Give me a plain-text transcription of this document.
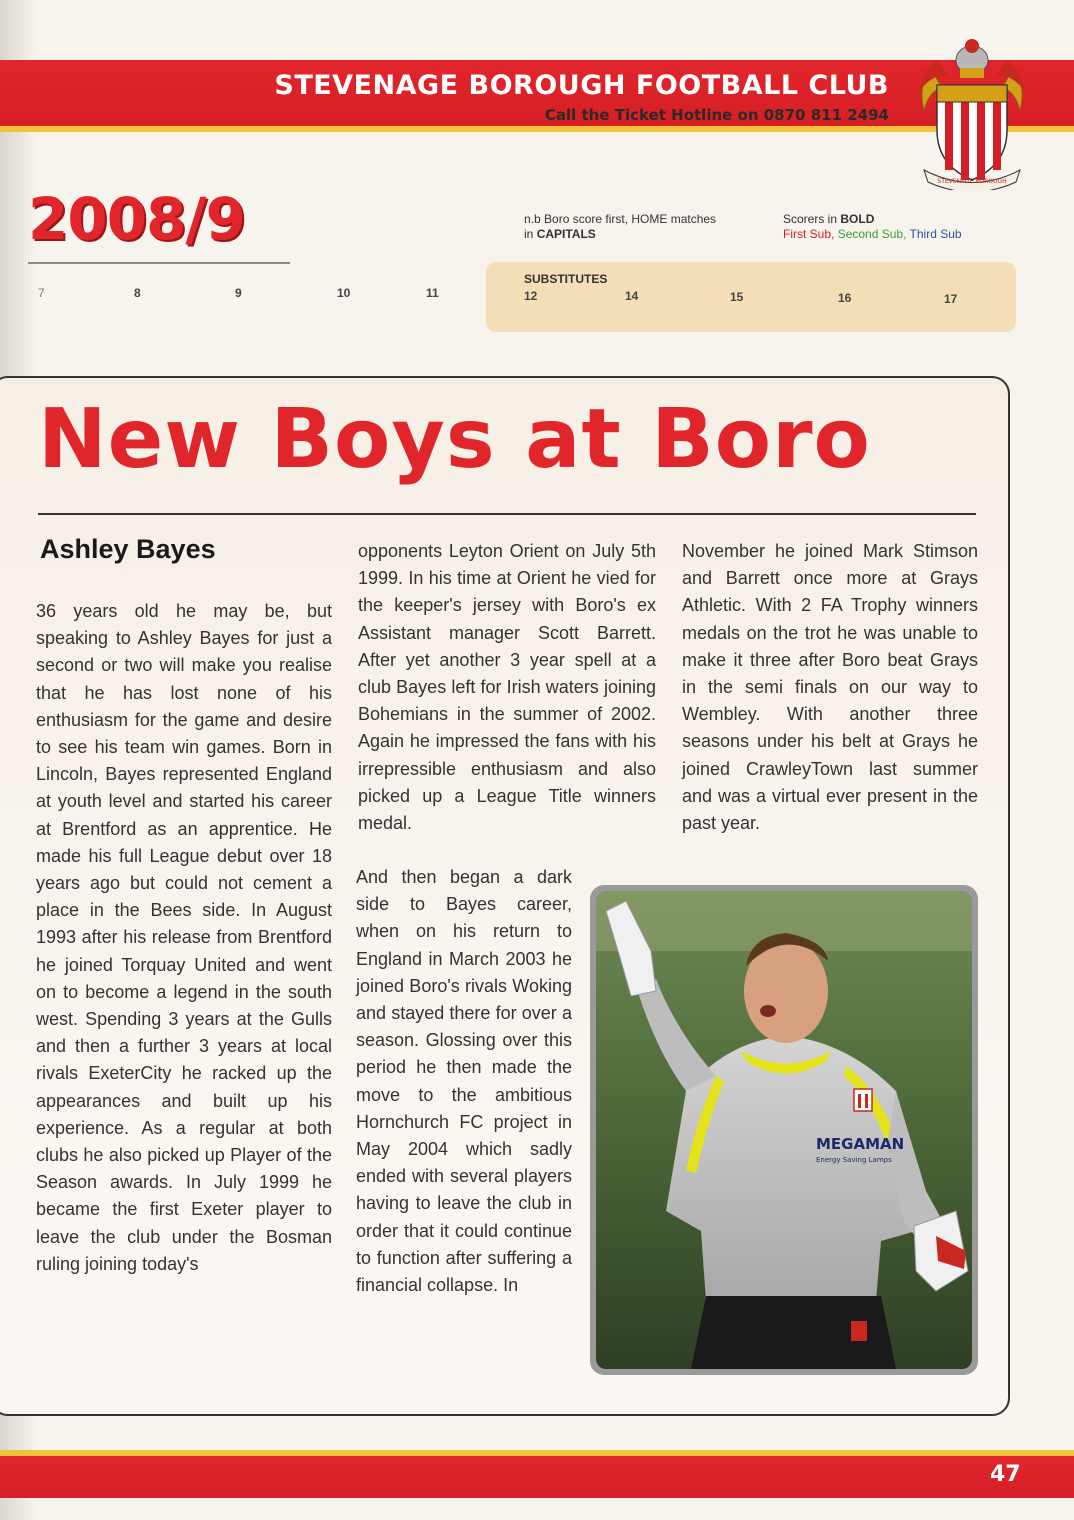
STEVENAGE BOROUGH FOOTBALL CLUB
Call the Ticket Hotline on 0870 811 2494
STEVENAGE BOROUGH
2008/9	n.b Boro score first, HOME matches
in CAPITALS
Scorers in BOLD
First Sub, Second Sub, Third Sub
7	8	9	10	11
SUBSTITUTES
12	14	15	16	17
New Boys at Boro
Ashley Bayes

36 years old he may be, but speaking to Ashley Bayes for just a second or two will make you realise that he has lost none of his enthusiasm for the game and desire to see his team win games. Born in Lincoln, Bayes represented England at youth level and started his career at Brentford as an apprentice. He made his full League debut over 18 years ago but could not cement a place in the Bees side. In August 1993 after his release from Brentford he joined Torquay United and went on to become a legend in the south west. Spending 3 years at the Gulls and then a further 3 years at local rivals ExeterCity he racked up the appearances and built up his experience. As a regular at both clubs he also picked up Player of the Season awards. In July 1999 he became the first Exeter player to leave the club under the Bosman ruling joining today's

opponents Leyton Orient on July 5th 1999. In his time at Orient he vied for the keeper's jersey with Boro's ex Assistant manager Scott Barrett. After yet another 3 year spell at a club Bayes left for Irish waters joining Bohemians in the summer of 2002. Again he impressed the fans with his irrepressible enthusiasm and also picked up a League Title winners medal.

And then began a dark side to Bayes career, when on his return to England in March 2003 he joined Boro's rivals Woking and stayed there for over a season. Glossing over this period he then made the move to the ambitious Hornchurch FC project in May 2004 which sadly ended with several players having to leave the club in order that it could continue to function after suffering a financial collapse. In

November he joined Mark Stimson and Barrett once more at Grays Athletic. With 2 FA Trophy winners medals on the trot he was unable to make it three after Boro beat Grays in the semi finals on our way to Wembley. With another three seasons under his belt at Grays he joined CrawleyTown last summer and was a virtual ever present in the past year.

MEGAMAN
Energy Saving Lamps
47
